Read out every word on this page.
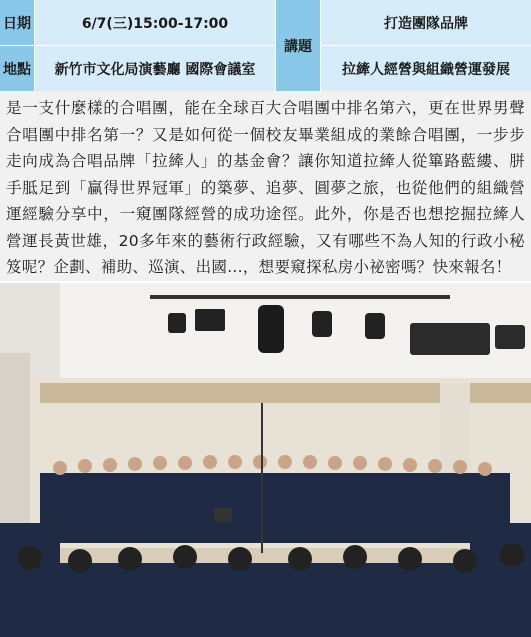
日期	6/7(三)15:00-17:00
地點	新竹市文化局演藝廳 國際會議室
講題
打造團隊品牌
拉縴人經營與組織營運發展

是一支什麼樣的合唱團，能在全球百大合唱團中排名第六，更在世界男聲合唱團中排名第一？又是如何從一個校友畢業組成的業餘合唱團，一步步走向成為合唱品牌「拉縴人」的基金會？讓你知道拉縴人從篳路藍縷、胼手胝足到「贏得世界冠軍」的築夢、追夢、圓夢之旅，也從他們的組織營運經驗分享中，一窺團隊經營的成功途徑。此外，你是否也想挖掘拉縴人營運長黃世雄，20多年來的藝術行政經驗，又有哪些不為人知的行政小秘笈呢？企劃、補助、巡演、出國...，想要窺探私房小祕密嗎？快來報名！
